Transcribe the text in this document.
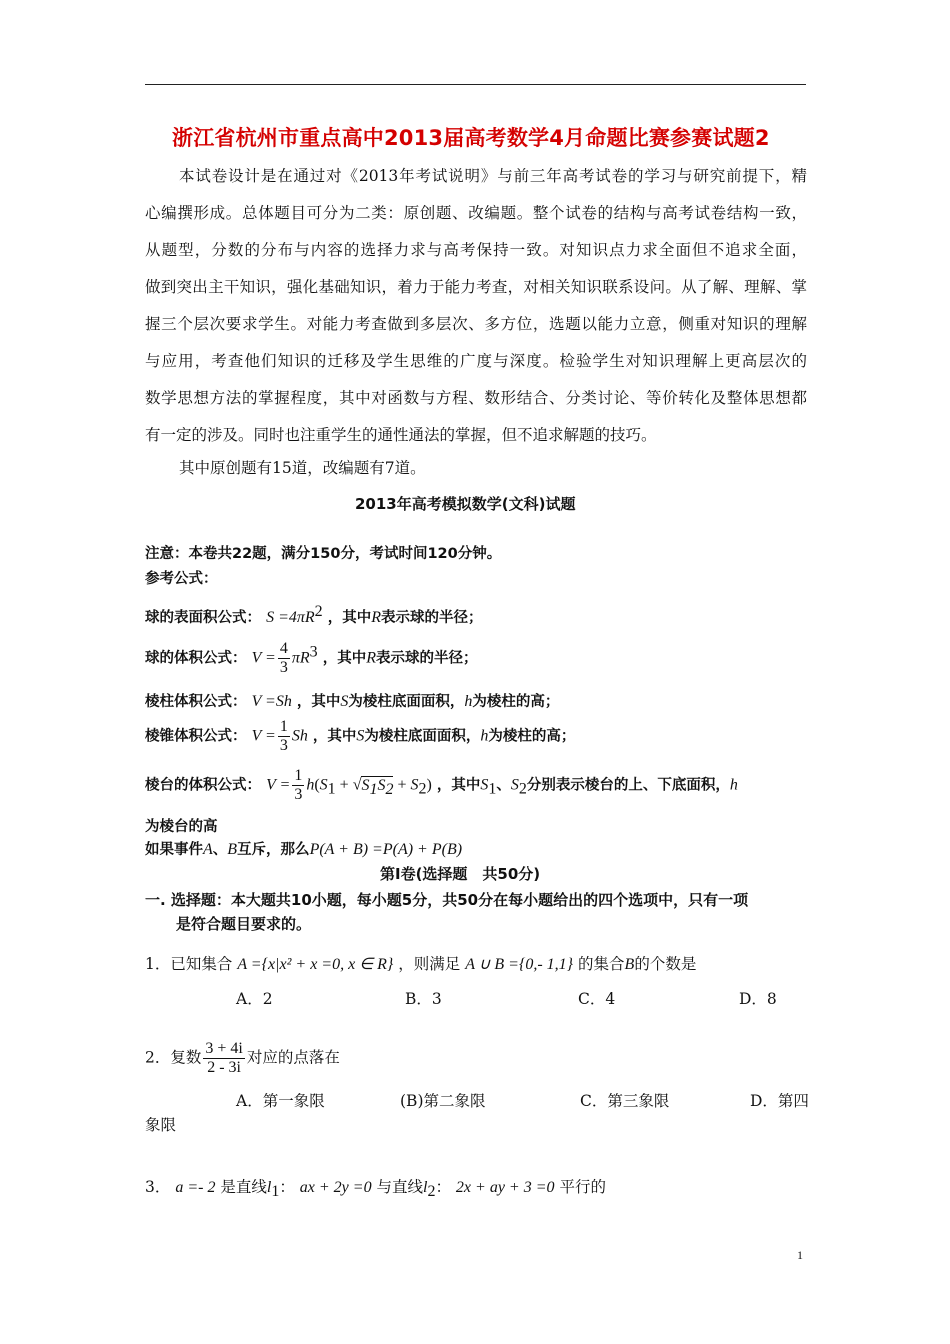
浙江省杭州市重点高中2013届高考数学4月命题比赛参赛试题2
本试卷设计是在通过对《2013年考试说明》与前三年高考试卷的学习与研究前提下，精
心编撰形成。总体题目可分为二类：原创题、改编题。整个试卷的结构与高考试卷结构一致，
从题型，分数的分布与内容的选择力求与高考保持一致。对知识点力求全面但不追求全面，
做到突出主干知识，强化基础知识，着力于能力考查，对相关知识联系设问。从了解、理解、掌
握三个层次要求学生。对能力考查做到多层次、多方位，选题以能力立意，侧重对知识的理解
与应用，考查他们知识的迁移及学生思维的广度与深度。检验学生对知识理解上更高层次的
数学思想方法的掌握程度，其中对函数与方程、数形结合、分类讨论、等价转化及整体思想都
有一定的涉及。同时也注重学生的通性通法的掌握，但不追求解题的技巧。
其中原创题有15道，改编题有7道。
2013年高考模拟数学(文科)试题
注意：本卷共22题，满分150分，考试时间120分钟。
参考公式：
球的表面积公式： $S =4\pi R^2$ ，其中R表示球的半径；
球的体积公式： $V = \frac{4}{3} \pi R^3$ ，其中R表示球的半径；
棱柱体积公式： V =Sh ，其中S为棱柱底面面积，h为棱柱的高；
棱锥体积公式： $V = \frac{1}{3}$ Sh ，其中S为棱柱底面面积，h为棱柱的高；
棱台的体积公式： $V = \frac{1}{3} h(S_1 + √S_1S_2 + S_2)$ ，其中$S_1$、$S_2$分别表示棱台的上、下底面积，h
为棱台的高
如果事件A、B互斥，那么P(A + B) =P(A) + P(B)
第Ⅰ卷(选择题　共50分)
一. 选择题：本大题共10小题，每小题5分，共50分在每小题给出的四个选项中，只有一项
是符合题目要求的。
1．已知集合 A ={x|x² + x =0, x ∈ R} ，则满足 A ∪ B ={0,- 1,1} 的集合B的个数是
A．2	B．3	C．4	D．8
2．复数 $\frac{3 + 4i}{2 - 3i}$ 对应的点落在
A．第一象限	(B)第二象限	C．第三象限	D．第四
象限
3． a =- 2 是直线$l_1$： ax + 2y =0 与直线$l_2$： 2x + ay + 3 =0 平行的
1
